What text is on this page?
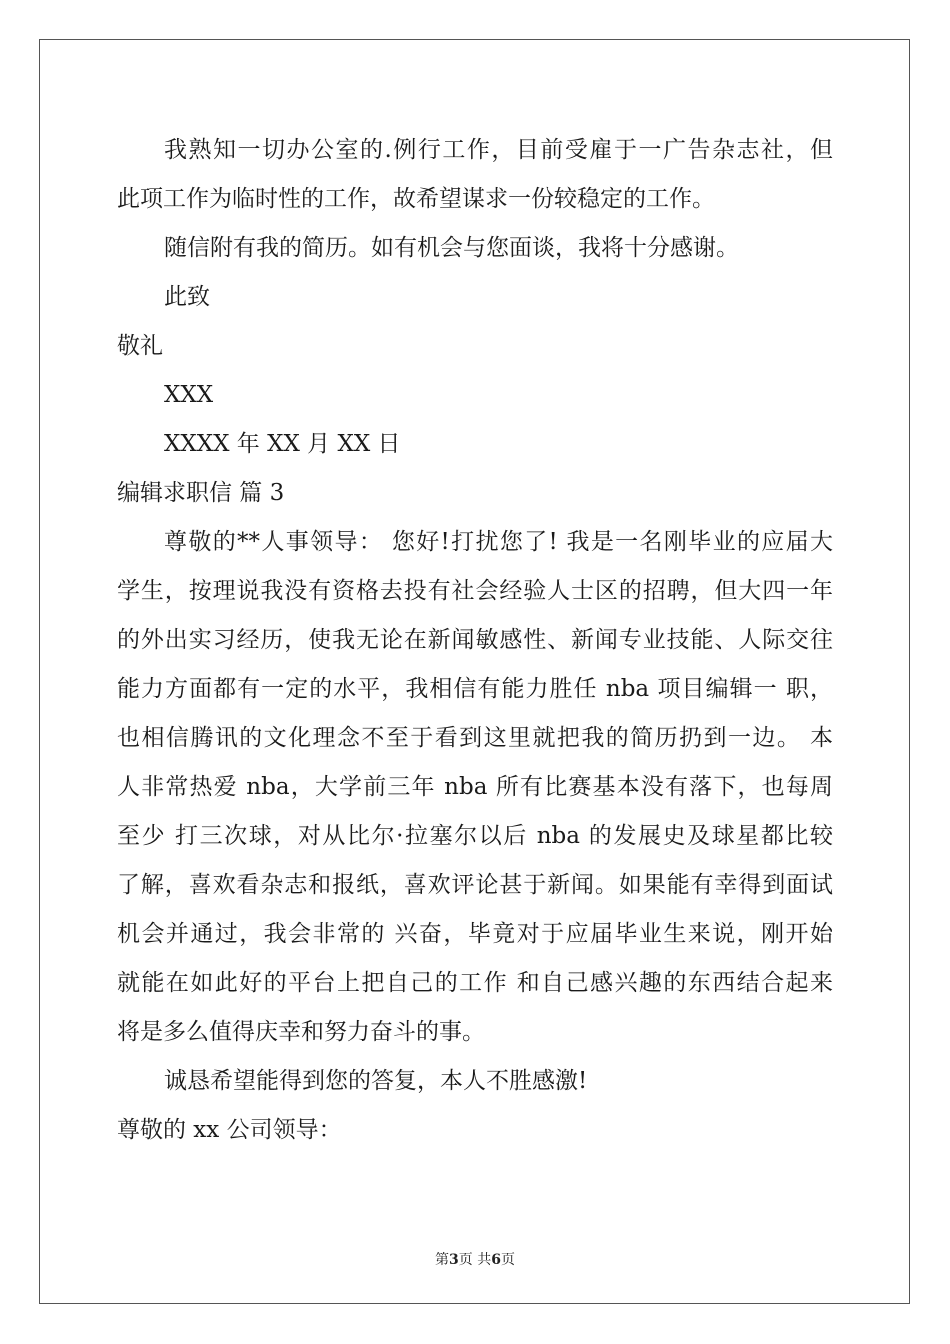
我熟知一切办公室的.例行工作，目前受雇于一广告杂志社，但
此项工作为临时性的工作，故希望谋求一份较稳定的工作。
随信附有我的简历。如有机会与您面谈，我将十分感谢。
此致
敬礼
XXX
XXXX 年 XX 月 XX 日
编辑求职信 篇 3
尊敬的**人事领导： 您好!打扰您了! 我是一名刚毕业的应届大
学生，按理说我没有资格去投有社会经验人士区的招聘，但大四一年
的外出实习经历，使我无论在新闻敏感性、新闻专业技能、人际交往
能力方面都有一定的水平，我相信有能力胜任 nba 项目编辑一 职，
也相信腾讯的文化理念不至于看到这里就把我的简历扔到一边。 本
人非常热爱 nba，大学前三年 nba 所有比赛基本没有落下，也每周
至少 打三次球，对从比尔·拉塞尔以后 nba 的发展史及球星都比较
了解，喜欢看杂志和报纸，喜欢评论甚于新闻。如果能有幸得到面试
机会并通过，我会非常的 兴奋，毕竟对于应届毕业生来说，刚开始
就能在如此好的平台上把自己的工作 和自己感兴趣的东西结合起来
将是多么值得庆幸和努力奋斗的事。
诚恳希望能得到您的答复，本人不胜感激!
尊敬的 xx 公司领导：
第3页 共6页
